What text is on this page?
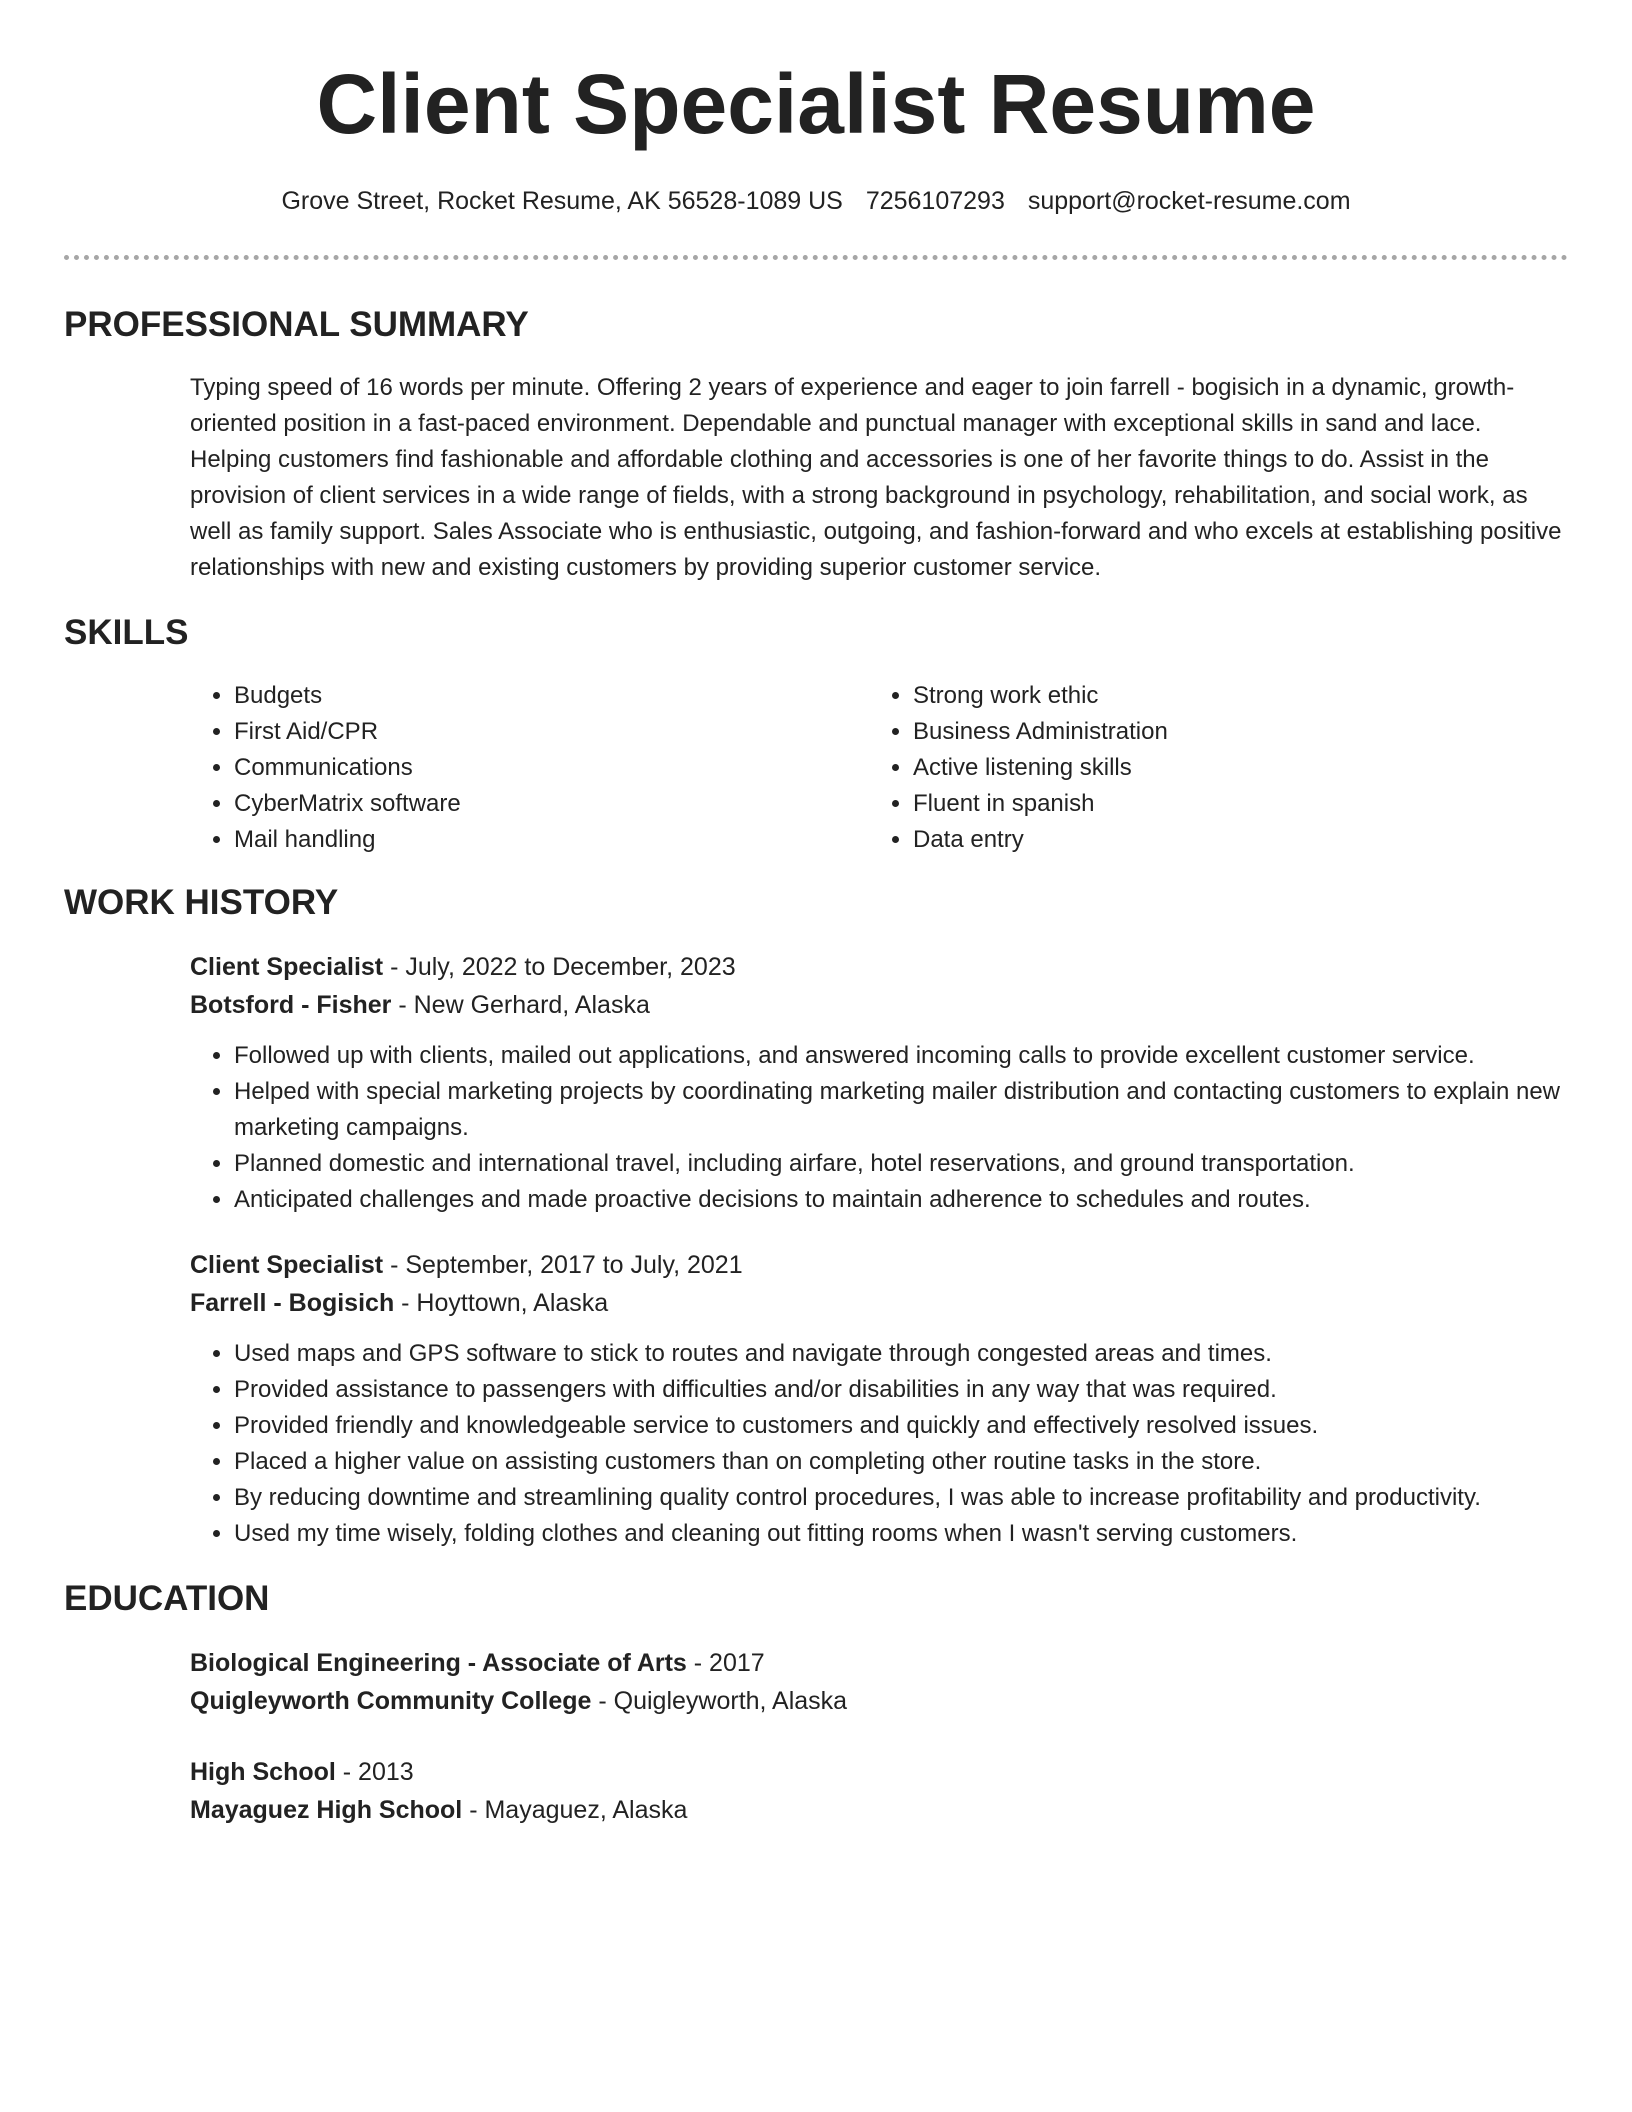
Client Specialist Resume
Grove Street, Rocket Resume, AK 56528-1089 US 7256107293 support@rocket-resume.com
PROFESSIONAL SUMMARY

Typing speed of 16 words per minute. Offering 2 years of experience and eager to join farrell - bogisich in a dynamic, growth-oriented position in a fast-paced environment. Dependable and punctual manager with exceptional skills in sand and lace. Helping customers find fashionable and affordable clothing and accessories is one of her favorite things to do. Assist in the provision of client services in a wide range of fields, with a strong background in psychology, rehabilitation, and social work, as well as family support. Sales Associate who is enthusiastic, outgoing, and fashion-forward and who excels at establishing positive relationships with new and existing customers by providing superior customer service.

SKILLS
• Budgets
• First Aid/CPR
• Communications
• CyberMatrix software
• Mail handling
• Strong work ethic
• Business Administration
• Active listening skills
• Fluent in spanish
• Data entry
WORK HISTORY
Client Specialist - July, 2022 to December, 2023
Botsford - Fisher - New Gerhard, Alaska
• Followed up with clients, mailed out applications, and answered incoming calls to provide excellent customer service.
• Helped with special marketing projects by coordinating marketing mailer distribution and contacting customers to explain new marketing campaigns.
• Planned domestic and international travel, including airfare, hotel reservations, and ground transportation.
• Anticipated challenges and made proactive decisions to maintain adherence to schedules and routes.
Client Specialist - September, 2017 to July, 2021
Farrell - Bogisich - Hoyttown, Alaska
• Used maps and GPS software to stick to routes and navigate through congested areas and times.
• Provided assistance to passengers with difficulties and/or disabilities in any way that was required.
• Provided friendly and knowledgeable service to customers and quickly and effectively resolved issues.
• Placed a higher value on assisting customers than on completing other routine tasks in the store.
• By reducing downtime and streamlining quality control procedures, I was able to increase profitability and productivity.
• Used my time wisely, folding clothes and cleaning out fitting rooms when I wasn't serving customers.
EDUCATION
Biological Engineering - Associate of Arts - 2017
Quigleyworth Community College - Quigleyworth, Alaska
High School - 2013
Mayaguez High School - Mayaguez, Alaska
